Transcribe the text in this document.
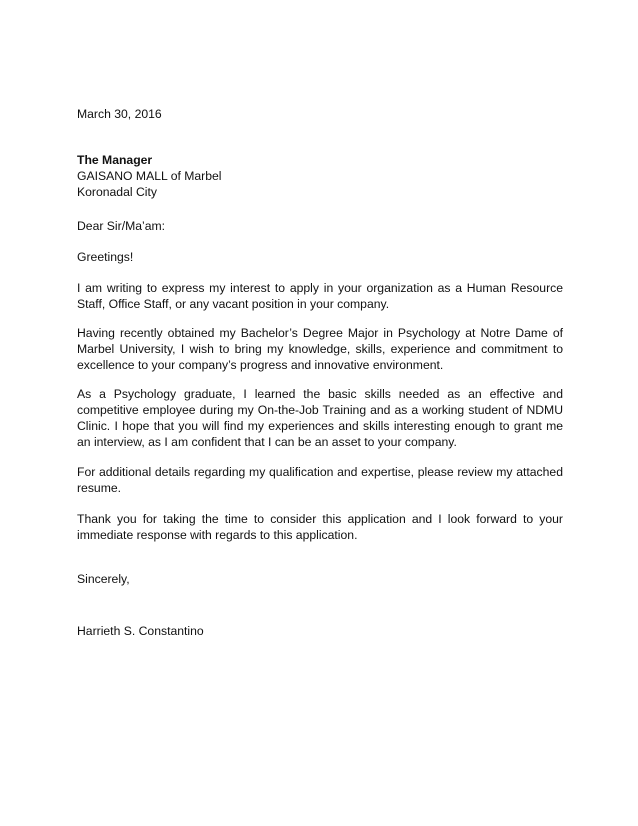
March 30, 2016

The Manager
GAISANO MALL of Marbel
Koronadal City

Dear Sir/Ma’am:

Greetings!

I am writing to express my interest to apply in your organization as a Human Resource Staff, Office Staff, or any vacant position in your company.

Having recently obtained my Bachelor’s Degree Major in Psychology at Notre Dame of Marbel University, I wish to bring my knowledge, skills, experience and commitment to excellence to your company’s progress and innovative environment.

As a Psychology graduate, I learned the basic skills needed as an effective and competitive employee during my On-the-Job Training and as a working student of NDMU Clinic. I hope that you will find my experiences and skills interesting enough to grant me an interview, as I am confident that I can be an asset to your company.

For additional details regarding my qualification and expertise, please review my attached resume.

Thank you for taking the time to consider this application and I look forward to your immediate response with regards to this application.

Sincerely,

Harrieth S. Constantino
